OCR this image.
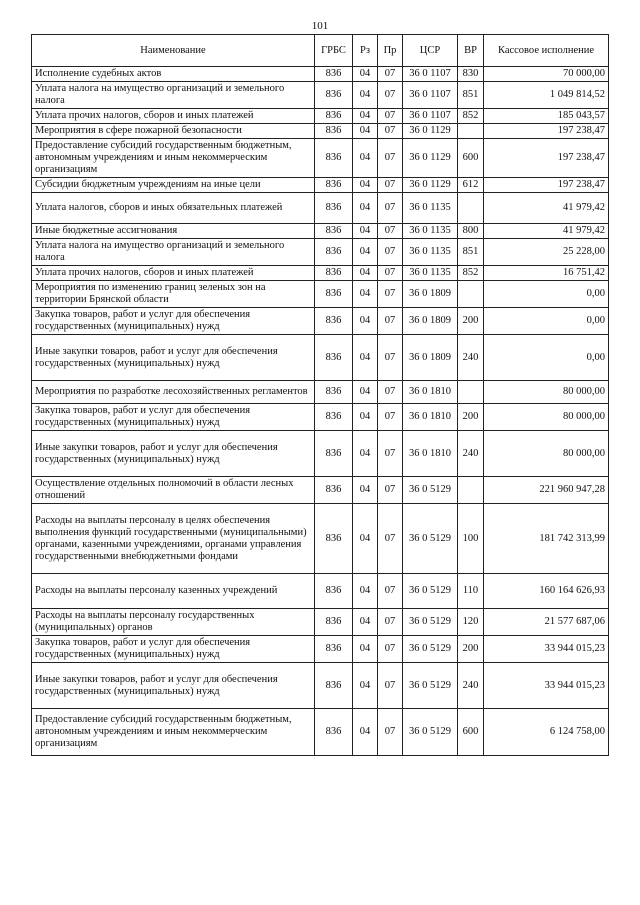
101
Наименование	ГРБС	Рз	Пр	ЦСР	ВР	Кассовое исполнение
Исполнение судебных актов	836	04	07	36 0 1107	830	70 000,00
Уплата налога на имущество организаций и земельного налога	836	04	07	36 0 1107	851	1 049 814,52
Уплата прочих налогов, сборов и иных платежей	836	04	07	36 0 1107	852	185 043,57
Мероприятия в сфере пожарной безопасности	836	04	07	36 0 1129		197 238,47
Предоставление субсидий государственным бюджетным, автономным учреждениям и иным некоммерческим организациям	836	04	07	36 0 1129	600	197 238,47
Субсидии бюджетным учреждениям на иные цели	836	04	07	36 0 1129	612	197 238,47
Уплата налогов, сборов и иных обязательных платежей	836	04	07	36 0 1135		41 979,42
Иные бюджетные ассигнования	836	04	07	36 0 1135	800	41 979,42
Уплата налога на имущество организаций и земельного налога	836	04	07	36 0 1135	851	25 228,00
Уплата прочих налогов, сборов и иных платежей	836	04	07	36 0 1135	852	16 751,42
Мероприятия по изменению границ зеленых зон на территории Брянской области	836	04	07	36 0 1809		0,00
Закупка товаров, работ и услуг для обеспечения государственных (муниципальных) нужд	836	04	07	36 0 1809	200	0,00
Иные закупки товаров, работ и услуг для обеспечения государственных (муниципальных) нужд	836	04	07	36 0 1809	240	0,00
Мероприятия по разработке лесохозяйственных регламентов	836	04	07	36 0 1810		80 000,00
Закупка товаров, работ и услуг для обеспечения государственных (муниципальных) нужд	836	04	07	36 0 1810	200	80 000,00
Иные закупки товаров, работ и услуг для обеспечения государственных (муниципальных) нужд	836	04	07	36 0 1810	240	80 000,00
Осуществление отдельных полномочий в области лесных отношений	836	04	07	36 0 5129		221 960 947,28
Расходы на выплаты персоналу в целях обеспечения выполнения функций государственными (муниципальными) органами, казенными учреждениями, органами управления государственными внебюджетными фондами	836	04	07	36 0 5129	100	181 742 313,99
Расходы на выплаты персоналу казенных учреждений	836	04	07	36 0 5129	110	160 164 626,93
Расходы на выплаты персоналу государственных (муниципальных) органов	836	04	07	36 0 5129	120	21 577 687,06
Закупка товаров, работ и услуг для обеспечения государственных (муниципальных) нужд	836	04	07	36 0 5129	200	33 944 015,23
Иные закупки товаров, работ и услуг для обеспечения государственных (муниципальных) нужд	836	04	07	36 0 5129	240	33 944 015,23
Предоставление субсидий государственным бюджетным, автономным учреждениям и иным некоммерческим организациям	836	04	07	36 0 5129	600	6 124 758,00
